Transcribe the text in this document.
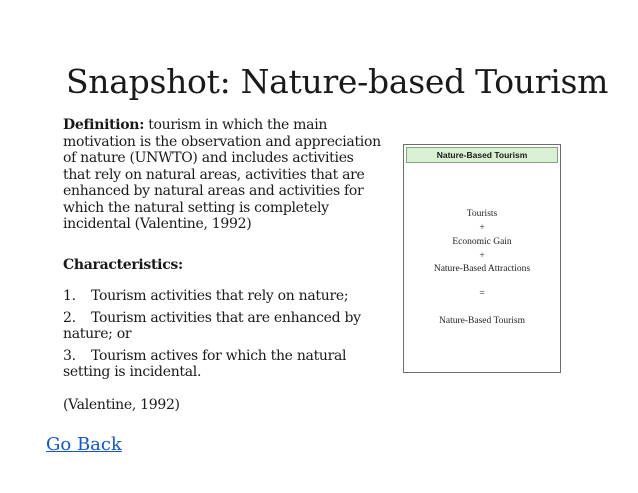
Snapshot: Nature-based Tourism

Definition: tourism in which the main motivation is the observation and appreciation of nature (UNWTO) and includes activities that rely on natural areas, activities that are enhanced by natural areas and activities for which the natural setting is completely incidental (Valentine, 1992)

Characteristics:
1. Tourism activities that rely on nature;
2. Tourism activities that are enhanced by nature; or
3. Tourism actives for which the natural setting is incidental.
(Valentine, 1992)
Go Back
Nature-Based Tourism
Tourists
+
Economic Gain
+
Nature-Based Attractions
=
Nature-Based Tourism
